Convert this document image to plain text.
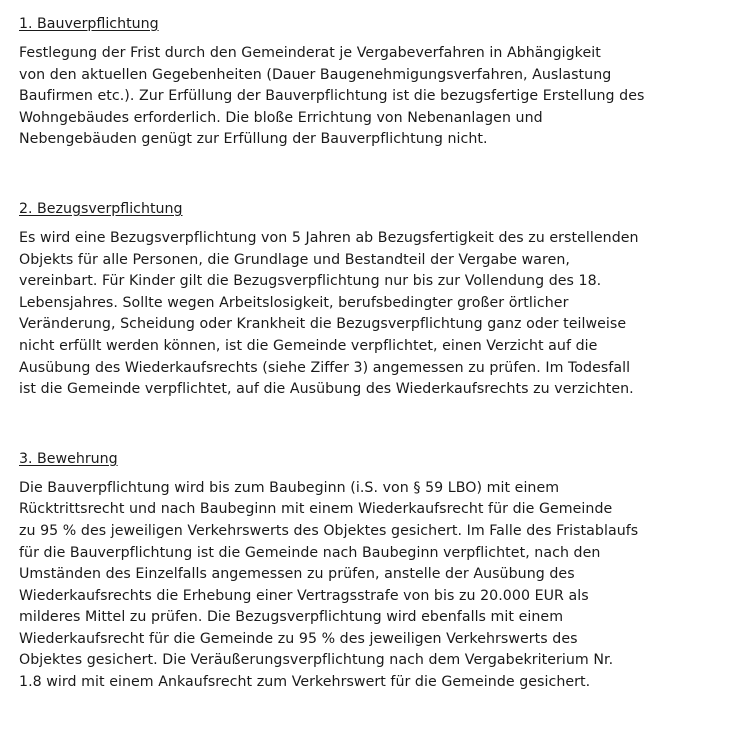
1. Bauverpflichtung
Festlegung der Frist durch den Gemeinderat je Vergabeverfahren in Abhängigkeit
von den aktuellen Gegebenheiten (Dauer Baugenehmigungsverfahren, Auslastung
Baufirmen etc.). Zur Erfüllung der Bauverpflichtung ist die bezugsfertige Erstellung des
Wohngebäudes erforderlich. Die bloße Errichtung von Nebenanlagen und
Nebengebäuden genügt zur Erfüllung der Bauverpflichtung nicht.
2. Bezugsverpflichtung
Es wird eine Bezugsverpflichtung von 5 Jahren ab Bezugsfertigkeit des zu erstellenden
Objekts für alle Personen, die Grundlage und Bestandteil der Vergabe waren,
vereinbart. Für Kinder gilt die Bezugsverpflichtung nur bis zur Vollendung des 18.
Lebensjahres. Sollte wegen Arbeitslosigkeit, berufsbedingter großer örtlicher
Veränderung, Scheidung oder Krankheit die Bezugsverpflichtung ganz oder teilweise
nicht erfüllt werden können, ist die Gemeinde verpflichtet, einen Verzicht auf die
Ausübung des Wiederkaufsrechts (siehe Ziffer 3) angemessen zu prüfen. Im Todesfall
ist die Gemeinde verpflichtet, auf die Ausübung des Wiederkaufsrechts zu verzichten.
3. Bewehrung
Die Bauverpflichtung wird bis zum Baubeginn (i.S. von § 59 LBO) mit einem
Rücktrittsrecht und nach Baubeginn mit einem Wiederkaufsrecht für die Gemeinde
zu 95 % des jeweiligen Verkehrswerts des Objektes gesichert. Im Falle des Fristablaufs
für die Bauverpflichtung ist die Gemeinde nach Baubeginn verpflichtet, nach den
Umständen des Einzelfalls angemessen zu prüfen, anstelle der Ausübung des
Wiederkaufsrechts die Erhebung einer Vertragsstrafe von bis zu 20.000 EUR als
milderes Mittel zu prüfen. Die Bezugsverpflichtung wird ebenfalls mit einem
Wiederkaufsrecht für die Gemeinde zu 95 % des jeweiligen Verkehrswerts des
Objektes gesichert. Die Veräußerungsverpflichtung nach dem Vergabekriterium Nr.
1.8 wird mit einem Ankaufsrecht zum Verkehrswert für die Gemeinde gesichert.
